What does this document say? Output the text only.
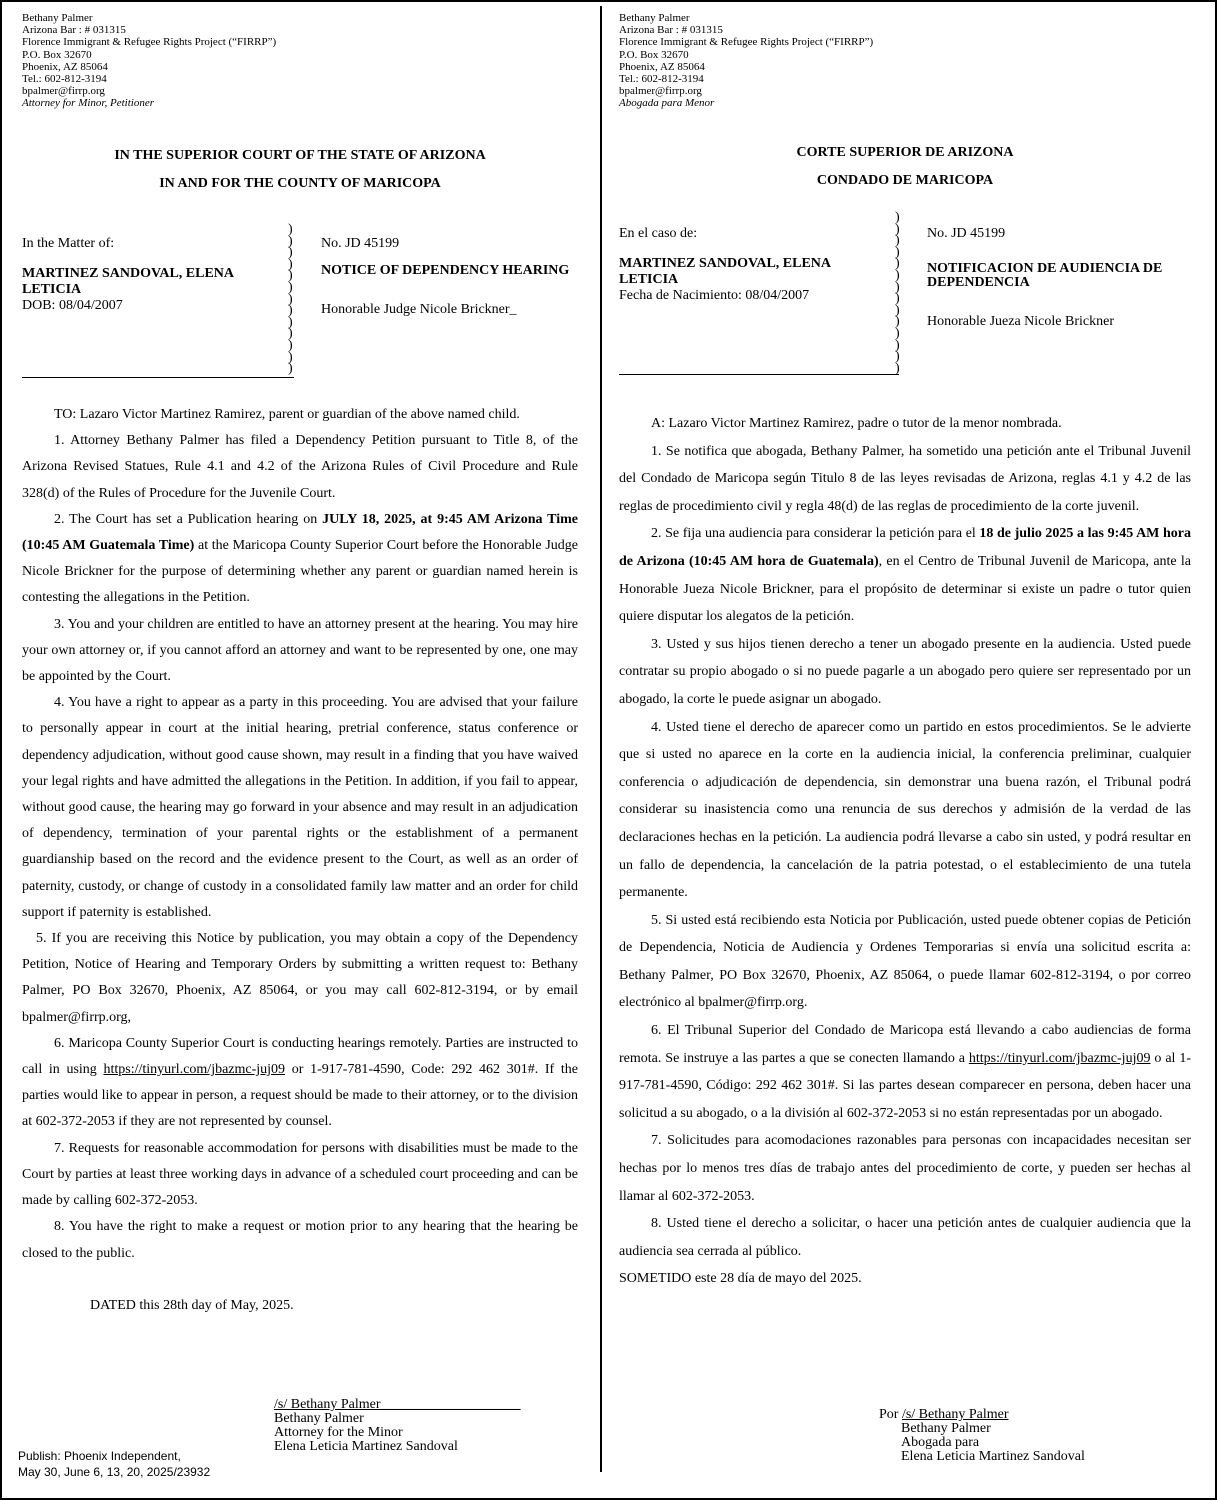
Bethany Palmer
Arizona Bar : # 031315
Florence Immigrant & Refugee Rights Project (“FIRRP”)
P.O. Box 32670
Phoenix, AZ 85064
Tel.: 602-812-3194
bpalmer@firrp.org
Attorney for Minor, Petitioner
IN THE SUPERIOR COURT OF THE STATE OF ARIZONA
IN AND FOR THE COUNTY OF MARICOPA
In the Matter of:
MARTINEZ SANDOVAL, ELENA LETICIA
DOB: 08/04/2007
)
)
)
)
)
)
)
)
)
)
)
)
)
No. JD 45199
NOTICE OF DEPENDENCY HEARING
Honorable Judge Nicole Brickner_

TO: Lazaro Victor Martinez Ramirez, parent or guardian of the above named child.

1. Attorney Bethany Palmer has filed a Dependency Petition pursuant to Title 8, of the Arizona Revised Statues, Rule 4.1 and 4.2 of the Arizona Rules of Civil Procedure and Rule 328(d) of the Rules of Procedure for the Juvenile Court.

2. The Court has set a Publication hearing on JULY 18, 2025, at 9:45 AM Arizona Time (10:45 AM Guatemala Time) at the Maricopa County Superior Court before the Honorable Judge Nicole Brickner for the purpose of determining whether any parent or guardian named herein is contesting the allegations in the Petition.

3. You and your children are entitled to have an attorney present at the hearing. You may hire your own attorney or, if you cannot afford an attorney and want to be represented by one, one may be appointed by the Court.

4. You have a right to appear as a party in this proceeding. You are advised that your failure to personally appear in court at the initial hearing, pretrial conference, status conference or dependency adjudication, without good cause shown, may result in a finding that you have waived your legal rights and have admitted the allegations in the Petition. In addition, if you fail to appear, without good cause, the hearing may go forward in your absence and may result in an adjudication of dependency, termination of your parental rights or the establishment of a permanent guardianship based on the record and the evidence present to the Court, as well as an order of paternity, custody, or change of custody in a consolidated family law matter and an order for child support if paternity is established.

5. If you are receiving this Notice by publication, you may obtain a copy of the Dependency Petition, Notice of Hearing and Temporary Orders by submitting a written request to: Bethany Palmer, PO Box 32670, Phoenix, AZ 85064, or you may call 602-812-3194, or by email bpalmer@firrp.org,

6. Maricopa County Superior Court is conducting hearings remotely. Parties are instructed to call in using https://tinyurl.com/jbazmc-juj09 or 1-917-781-4590, Code: 292 462 301#. If the parties would like to appear in person, a request should be made to their attorney, or to the division at 602-372-2053 if they are not represented by counsel.

7. Requests for reasonable accommodation for persons with disabilities must be made to the Court by parties at least three working days in advance of a scheduled court proceeding and can be made by calling 602-372-2053.

8. You have the right to make a request or motion prior to any hearing that the hearing be closed to the public.

DATED this 28th day of May, 2025.

/s/ Bethany Palmer____________________
Bethany Palmer
Attorney for the Minor
Elena Leticia Martinez Sandoval
Bethany Palmer
Arizona Bar : # 031315
Florence Immigrant & Refugee Rights Project (“FIRRP”)
P.O. Box 32670
Phoenix, AZ 85064
Tel.: 602-812-3194
bpalmer@firrp.org
Abogada para Menor
CORTE SUPERIOR DE ARIZONA
CONDADO DE MARICOPA
En el caso de:
MARTINEZ SANDOVAL, ELENA LETICIA
Fecha de Nacimiento: 08/04/2007
)
)
)
)
)
)
)
)
)
)
)
)
)
)
No. JD 45199
NOTIFICACION DE AUDIENCIA DE DEPENDENCIA
Honorable Jueza Nicole Brickner

A: Lazaro Victor Martinez Ramirez, padre o tutor de la menor nombrada.

1. Se notifica que abogada, Bethany Palmer, ha sometido una petición ante el Tribunal Juvenil del Condado de Maricopa según Titulo 8 de las leyes revisadas de Arizona, reglas 4.1 y 4.2 de las reglas de procedimiento civil y regla 48(d) de las reglas de procedimiento de la corte juvenil.

2. Se fija una audiencia para considerar la petición para el 18 de julio 2025 a las 9:45 AM hora de Arizona (10:45 AM hora de Guatemala), en el Centro de Tribunal Juvenil de Maricopa, ante la Honorable Jueza Nicole Brickner, para el propósito de determinar si existe un padre o tutor quien quiere disputar los alegatos de la petición.

3. Usted y sus hijos tienen derecho a tener un abogado presente en la audiencia. Usted puede contratar su propio abogado o si no puede pagarle a un abogado pero quiere ser representado por un abogado, la corte le puede asignar un abogado.

4. Usted tiene el derecho de aparecer como un partido en estos procedimientos. Se le advierte que si usted no aparece en la corte en la audiencia inicial, la conferencia preliminar, cualquier conferencia o adjudicación de dependencia, sin demonstrar una buena razón, el Tribunal podrá considerar su inasistencia como una renuncia de sus derechos y admisión de la verdad de las declaraciones hechas en la petición. La audiencia podrá llevarse a cabo sin usted, y podrá resultar en un fallo de dependencia, la cancelación de la patria potestad, o el establecimiento de una tutela permanente.

5. Si usted está recibiendo esta Noticia por Publicación, usted puede obtener copias de Petición de Dependencia, Noticia de Audiencia y Ordenes Temporarias si envía una solicitud escrita a: Bethany Palmer, PO Box 32670, Phoenix, AZ 85064, o puede llamar 602-812-3194, o por correo electrónico al bpalmer@firrp.org.

6. El Tribunal Superior del Condado de Maricopa está llevando a cabo audiencias de forma remota. Se instruye a las partes a que se conecten llamando a https://tinyurl.com/jbazmc-juj09 o al 1-917-781-4590, Código: 292 462 301#. Si las partes desean comparecer en persona, deben hacer una solicitud a su abogado, o a la división al 602-372-2053 si no están representadas por un abogado.

7. Solicitudes para acomodaciones razonables para personas con incapacidades necesitan ser hechas por lo menos tres días de trabajo antes del procedimiento de corte, y pueden ser hechas al llamar al 602-372-2053.

8. Usted tiene el derecho a solicitar, o hacer una petición antes de cualquier audiencia que la audiencia sea cerrada al público.

SOMETIDO este 28 día de mayo del 2025.

Por /s/ Bethany Palmer
Bethany Palmer
Abogada para
Elena Leticia Martinez Sandoval
Publish: Phoenix Independent,
May 30, June 6, 13, 20, 2025/23932
